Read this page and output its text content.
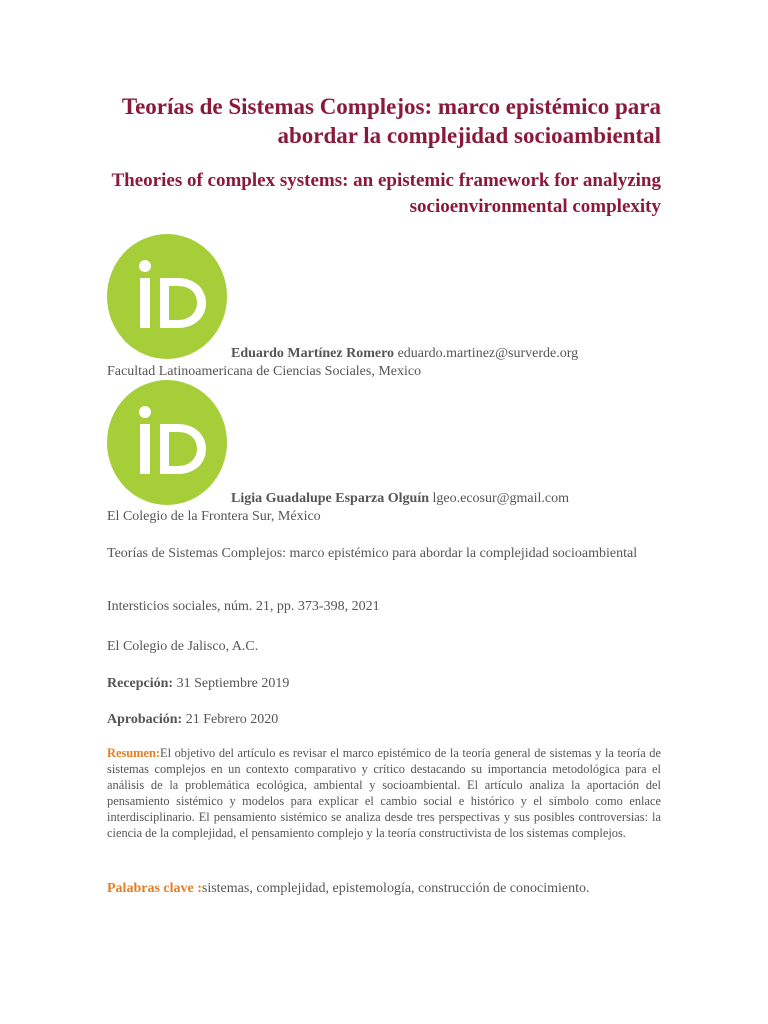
Teorías de Sistemas Complejos: marco epistémico para abordar la complejidad socioambiental
Theories of complex systems: an epistemic framework for analyzing socioenvironmental complexity
Eduardo Martínez Romero eduardo.martinez@surverde.org
Facultad Latinoamericana de Ciencias Sociales, Mexico
Ligia Guadalupe Esparza Olguín lgeo.ecosur@gmail.com
El Colegio de la Frontera Sur, México
Teorías de Sistemas Complejos: marco epistémico para abordar la complejidad socioambiental
Intersticios sociales, núm. 21, pp. 373-398, 2021
El Colegio de Jalisco, A.C.
Recepción: 31 Septiembre 2019
Aprobación: 21 Febrero 2020
Resumen:El objetivo del artículo es revisar el marco epistémico de la teoría general de sistemas y la teoría de sistemas complejos en un contexto comparativo y crítico destacando su importancia metodológica para el análisis de la problemática ecológica, ambiental y socioambiental. El artículo analiza la aportación del pensamiento sistémico y modelos para explicar el cambio social e histórico y el símbolo como enlace interdisciplinario. El pensamiento sistémico se analiza desde tres perspectivas y sus posibles controversias: la ciencia de la complejidad, el pensamiento complejo y la teoría constructivista de los sistemas complejos.
Palabras clave :sistemas, complejidad, epistemología, construcción de conocimiento.
